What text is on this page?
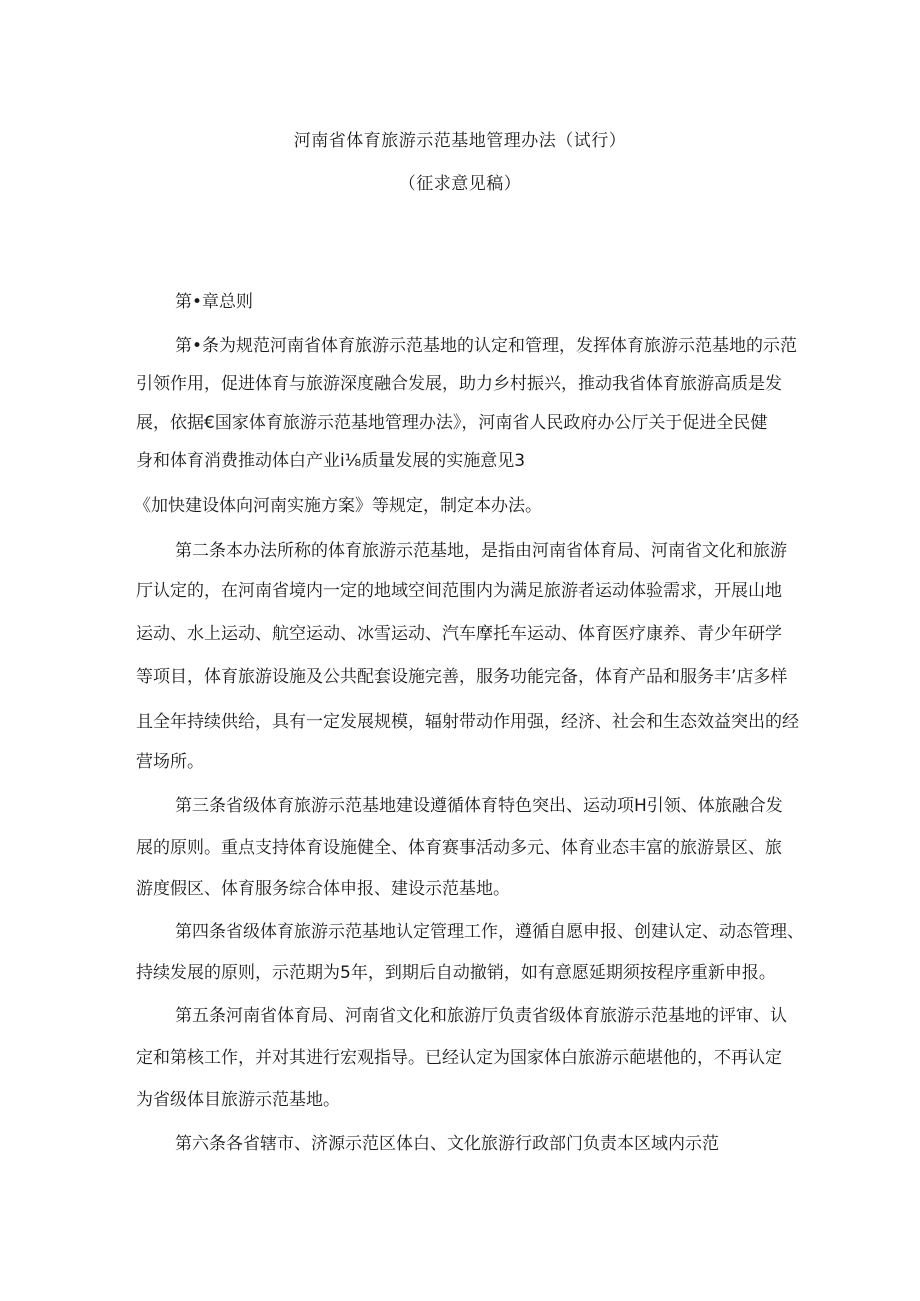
河南省体育旅游示范基地管理办法（试行）
（征求意见稿）
第•章总则
第•条为规范河南省体育旅游示范基地的认定和管理，发挥体育旅游示范基地的示范
引领作用，促进体育与旅游深度融合发展，助力乡村振兴，推动我省体育旅游高质是发
展，依据€国家体育旅游示范基地管理办法》，河南省人民政府办公厅关于促进全民健
身和体育消费推动体白产业i⅛质量发展的实施意见3
《加快建设体向河南实施方案》等规定，制定本办法。
第二条本办法所称的体育旅游示范基地，是指由河南省体育局、河南省文化和旅游
厅认定的，在河南省境内一定的地域空间范围内为满足旅游者运动体验需求，开展山地
运动、水上运动、航空运动、冰雪运动、汽车摩托车运动、体育医疗康养、青少年研学
等项目，体育旅游设施及公共配套设施完善，服务功能完备，体育产品和服务丰’店多样
且全年持续供给，具有一定发展规模，辐射带动作用强，经济、社会和生态效益突出的经
营场所。
第三条省级体育旅游示范基地建设遵循体育特色突出、运动项H引领、体旅融合发
展的原则。重点支持体育设施健全、体育赛事活动多元、体育业态丰富的旅游景区、旅
游度假区、体育服务综合体申报、建设示范基地。
第四条省级体育旅游示范基地认定管理工作，遵循自愿申报、创建认定、动态管理、
持续发展的原则，示范期为5年，到期后自动撤销，如有意愿延期须按程序重新申报。
第五条河南省体育局、河南省文化和旅游厅负责省级体育旅游示范基地的评审、认
定和第核工作，并对其进行宏观指导。已经认定为国家体白旅游示葩堪他的，不再认定
为省级体目旅游示范基地。
第六条各省辖市、济源示范区体白、文化旅游行政部门负责本区域内示范
